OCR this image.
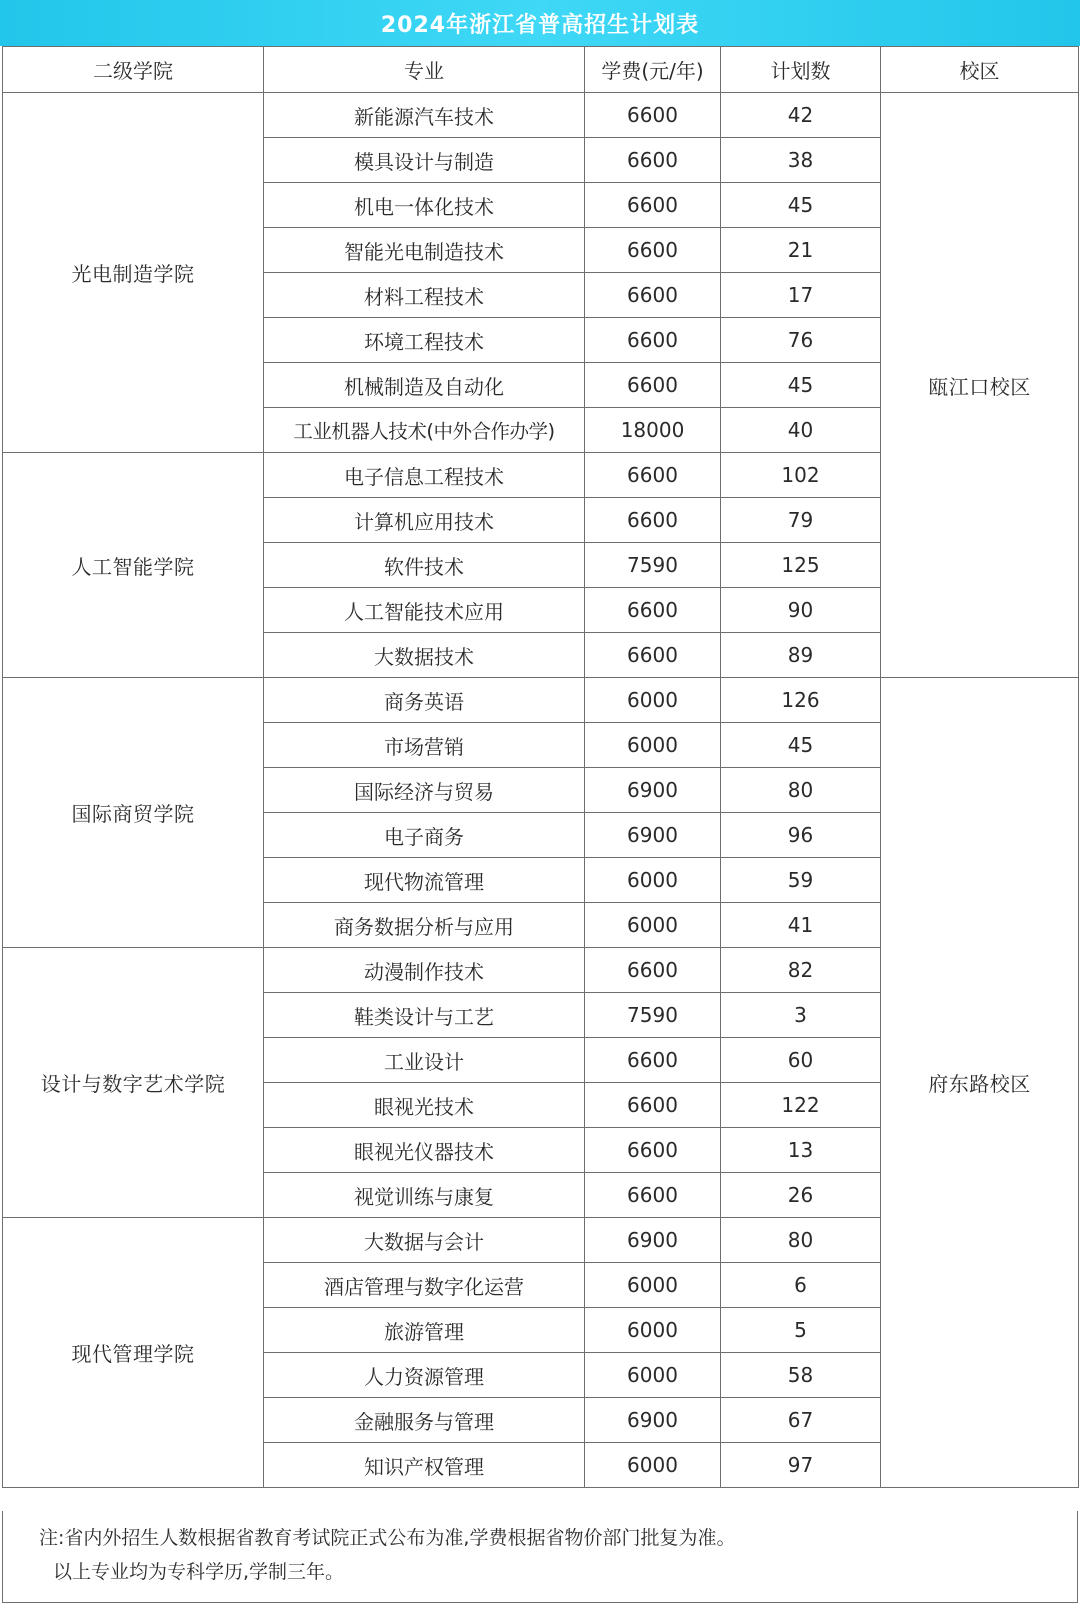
2024年浙江省普高招生计划表
二级学院	专业	学费(元/年)	计划数	校区
光电制造学院	新能源汽车技术	6600	42	瓯江口校区
	模具设计与制造	6600	38	
	机电一体化技术	6600	45	
	智能光电制造技术	6600	21	
	材料工程技术	6600	17	
	环境工程技术	6600	76	
	机械制造及自动化	6600	45	
	工业机器人技术(中外合作办学)	18000	40	
人工智能学院	电子信息工程技术	6600	102	
	计算机应用技术	6600	79	
	软件技术	7590	125	
	人工智能技术应用	6600	90	
	大数据技术	6600	89	
国际商贸学院	商务英语	6000	126	府东路校区
	市场营销	6000	45	
	国际经济与贸易	6900	80	
	电子商务	6900	96	
	现代物流管理	6000	59	
	商务数据分析与应用	6000	41	
设计与数字艺术学院	动漫制作技术	6600	82	
	鞋类设计与工艺	7590	3	
	工业设计	6600	60	
	眼视光技术	6600	122	
	眼视光仪器技术	6600	13	
	视觉训练与康复	6600	26	
现代管理学院	大数据与会计	6900	80	
	酒店管理与数字化运营	6000	6	
	旅游管理	6000	5	
	人力资源管理	6000	58	
	金融服务与管理	6900	67	
	知识产权管理	6000	97	
注:省内外招生人数根据省教育考试院正式公布为准,学费根据省物价部门批复为准。
以上专业均为专科学历,学制三年。
